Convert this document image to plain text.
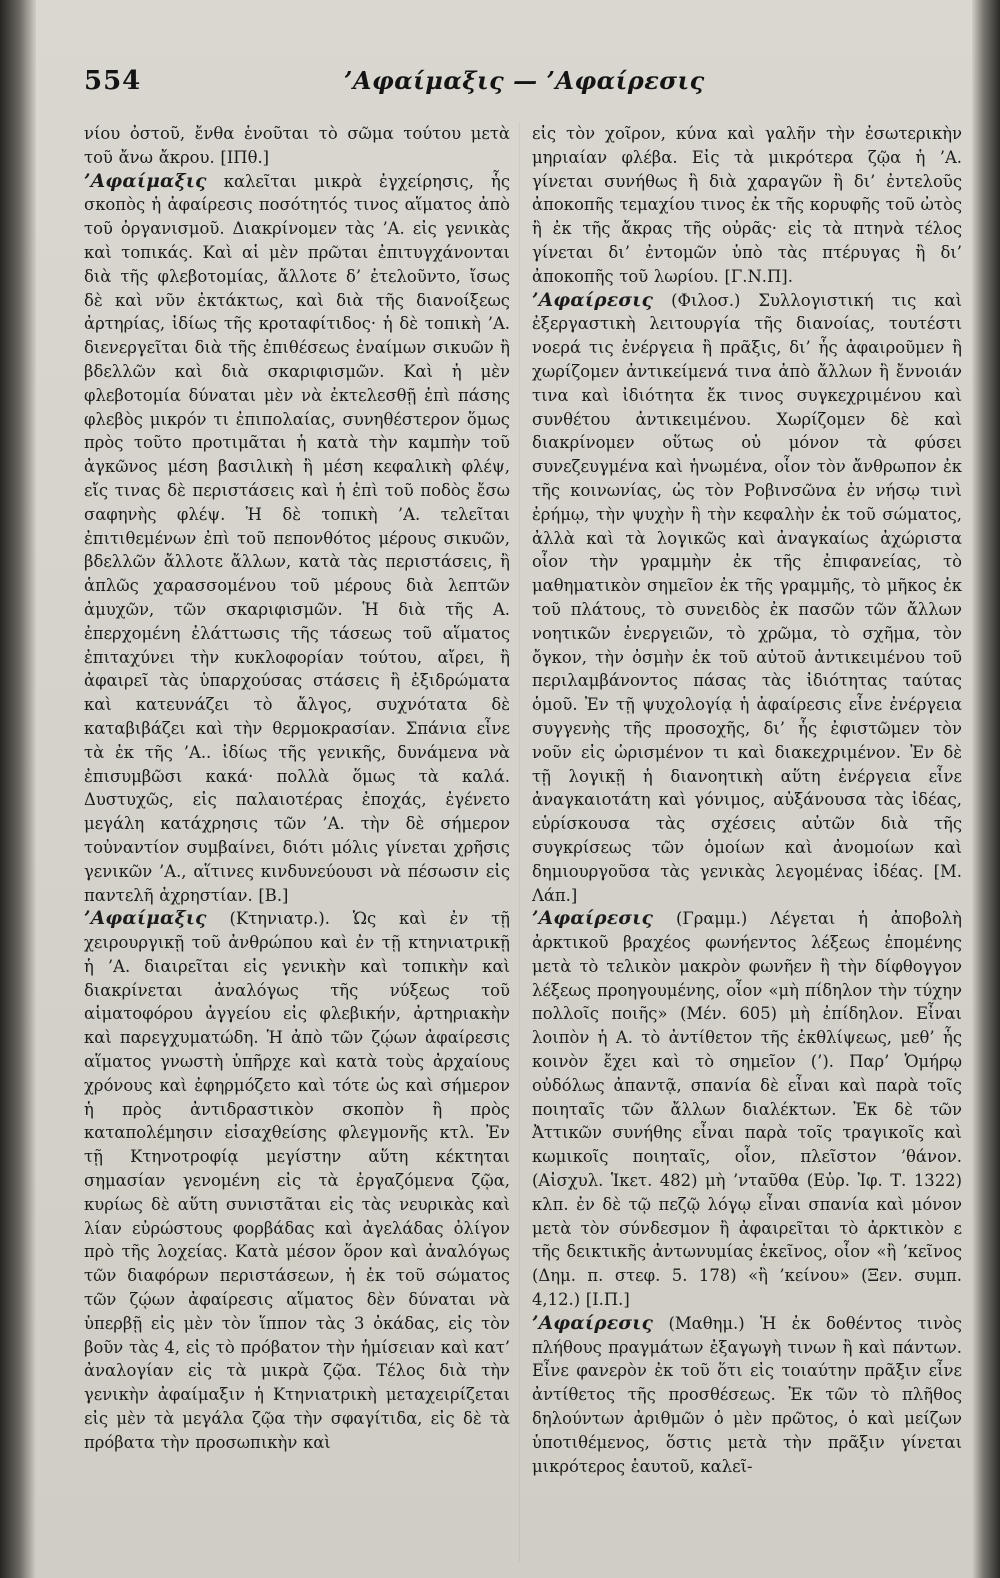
554	’Αφαίμαξις — ’Αφαίρεσις

νίου ὀστοῦ, ἔνθα ἑνοῦται τὸ σῶμα τούτου μετὰ τοῦ ἄνω ἄκρου. [ΙΠθ.]

’Αφαίμαξις καλεῖται μικρὰ ἐγχείρησις, ἧς σκοπὸς ἡ ἀφαίρεσις ποσότητός τινος αἵματος ἀπὸ τοῦ ὀργανισμοῦ. Διακρίνομεν τὰς ’Α. εἰς γενικὰς καὶ τοπικάς. Καὶ αἱ μὲν πρῶται ἐπιτυγχάνονται διὰ τῆς φλεβοτομίας, ἄλλοτε δ’ ἐτελοῦντο, ἴσως δὲ καὶ νῦν ἐκτάκτως, καὶ διὰ τῆς διανοίξεως ἀρτηρίας, ἰδίως τῆς κροταφίτιδος· ἡ δὲ τοπικὴ ’Α. διενεργεῖται διὰ τῆς ἐπιθέσεως ἐναίμων σικυῶν ἢ βδελλῶν καὶ διὰ σκαριφισμῶν. Καὶ ἡ μὲν φλεβοτομία δύναται μὲν νὰ ἐκτελεσθῇ ἐπὶ πάσης φλεβὸς μικρόν τι ἐπιπολαίας, συνηθέστερον ὅμως πρὸς τοῦτο προτιμᾶται ἡ κατὰ τὴν καμπὴν τοῦ ἀγκῶνος μέση βασιλικὴ ἢ μέση κεφαλικὴ φλέψ, εἴς τινας δὲ περιστάσεις καὶ ἡ ἐπὶ τοῦ ποδὸς ἔσω σαφηνὴς φλέψ. Ἡ δὲ τοπικὴ ’Α. τελεῖται ἐπιτιθεμένων ἐπὶ τοῦ πεπονθότος μέρους σικυῶν, βδελλῶν ἄλλοτε ἄλλων, κατὰ τὰς περιστάσεις, ἢ ἁπλῶς χαρασσομένου τοῦ μέρους διὰ λεπτῶν ἀμυχῶν, τῶν σκαριφισμῶν. Ἡ διὰ τῆς Α. ἐπερχομένη ἐλάττωσις τῆς τάσεως τοῦ αἵματος ἐπιταχύνει τὴν κυκλοφορίαν τούτου, αἴρει, ἢ ἀφαιρεῖ τὰς ὑπαρχούσας στάσεις ἢ ἐξιδρώματα καὶ κατευνάζει τὸ ἄλγος, συχνότατα δὲ καταβιβάζει καὶ τὴν θερμοκρασίαν. Σπάνια εἶνε τὰ ἐκ τῆς ’Α.. ἰδίως τῆς γενικῆς, δυνάμενα νὰ ἐπισυμβῶσι κακά· πολλὰ ὅμως τὰ καλά. Δυστυχῶς, εἰς παλαιοτέρας ἐποχάς, ἐγένετο μεγάλη κατάχρησις τῶν ’Α. τὴν δὲ σήμερον τοὐναντίον συμβαίνει, διότι μόλις γίνεται χρῆσις γενικῶν ’Α., αἵτινες κινδυνεύουσι νὰ πέσωσιν εἰς παντελῆ ἀχρηστίαν. [Β.]

’Αφαίμαξις (Κτηνιατρ.). Ὡς καὶ ἐν τῇ χειρουργικῇ τοῦ ἀνθρώπου καὶ ἐν τῇ κτηνιατρικῇ ἡ ’Α. διαιρεῖται εἰς γενικὴν καὶ τοπικὴν καὶ διακρίνεται ἀναλόγως τῆς νύξεως τοῦ αἱματοφόρου ἀγγείου εἰς φλεβικήν, ἀρτηριακὴν καὶ παρεγχυματώδη. Ἡ ἀπὸ τῶν ζῴων ἀφαίρεσις αἵματος γνωστὴ ὑπῆρχε καὶ κατὰ τοὺς ἀρχαίους χρόνους καὶ ἐφηρμόζετο καὶ τότε ὡς καὶ σήμερον ἡ πρὸς ἀντιδραστικὸν σκοπὸν ἢ πρὸς καταπολέμησιν εἰσαχθείσης φλεγμονῆς κτλ. Ἐν τῇ Κτηνοτροφίᾳ μεγίστην αὕτη κέκτηται σημασίαν γενομένη εἰς τὰ ἐργαζόμενα ζῷα, κυρίως δὲ αὕτη συνιστᾶται εἰς τὰς νευρικὰς καὶ λίαν εὐρώστους φορβάδας καὶ ἀγελάδας ὀλίγον πρὸ τῆς λοχείας. Κατὰ μέσον ὅρον καὶ ἀναλόγως τῶν διαφόρων περιστάσεων, ἡ ἐκ τοῦ σώματος τῶν ζῴων ἀφαίρεσις αἵματος δὲν δύναται νὰ ὑπερβῇ εἰς μὲν τὸν ἵππον τὰς 3 ὀκάδας, εἰς τὸν βοῦν τὰς 4, εἰς τὸ πρόβατον τὴν ἡμίσειαν καὶ κατ’ ἀναλογίαν εἰς τὰ μικρὰ ζῷα. Τέλος διὰ τὴν γενικὴν ἀφαίμαξιν ἡ Κτηνιατρικὴ μεταχειρίζεται εἰς μὲν τὰ μεγάλα ζῷα τὴν σφαγίτιδα, εἰς δὲ τὰ πρόβατα τὴν προσωπικὴν καὶ

εἰς τὸν χοῖρον, κύνα καὶ γαλῆν τὴν ἐσωτερικὴν μηριαίαν φλέβα. Εἰς τὰ μικρότερα ζῷα ἡ ’Α. γίνεται συνήθως ἢ διὰ χαραγῶν ἢ δι’ ἐντελοῦς ἀποκοπῆς τεμαχίου τινος ἐκ τῆς κορυφῆς τοῦ ὠτὸς ἢ ἐκ τῆς ἄκρας τῆς οὐρᾶς· εἰς τὰ πτηνὰ τέλος γίνεται δι’ ἐντομῶν ὑπὸ τὰς πτέρυγας ἢ δι’ ἀποκοπῆς τοῦ λωρίου. [Γ.Ν.Π].

’Αφαίρεσις (Φιλοσ.) Συλλογιστική τις καὶ ἐξεργαστικὴ λειτουργία τῆς διανοίας, τουτέστι νοερά τις ἐνέργεια ἢ πρᾶξις, δι’ ἧς ἀφαιροῦμεν ἢ χωρίζομεν ἀντικείμενά τινα ἀπὸ ἄλλων ἢ ἔννοιάν τινα καὶ ἰδιότητα ἔκ τινος συγκεχριμένου καὶ συνθέτου ἀντικειμένου. Χωρίζομεν δὲ καὶ διακρίνομεν οὕτως οὐ μόνον τὰ φύσει συνεζευγμένα καὶ ἡνωμένα, οἷον τὸν ἄνθρωπον ἐκ τῆς κοινωνίας, ὡς τὸν Ροβινσῶνα ἐν νήσῳ τινὶ ἐρήμῳ, τὴν ψυχὴν ἢ τὴν κεφαλὴν ἐκ τοῦ σώματος, ἀλλὰ καὶ τὰ λογικῶς καὶ ἀναγκαίως ἀχώριστα οἷον τὴν γραμμὴν ἐκ τῆς ἐπιφανείας, τὸ μαθηματικὸν σημεῖον ἐκ τῆς γραμμῆς, τὸ μῆκος ἐκ τοῦ πλάτους, τὸ συνειδὸς ἐκ πασῶν τῶν ἄλλων νοητικῶν ἐνεργειῶν, τὸ χρῶμα, τὸ σχῆμα, τὸν ὄγκον, τὴν ὀσμὴν ἐκ τοῦ αὐτοῦ ἀντικειμένου τοῦ περιλαμβάνοντος πάσας τὰς ἰδιότητας ταύτας ὁμοῦ. Ἐν τῇ ψυχολογίᾳ ἡ ἀφαίρεσις εἶνε ἐνέργεια συγγενὴς τῆς προσοχῆς, δι’ ἧς ἐφιστῶμεν τὸν νοῦν εἰς ὡρισμένον τι καὶ διακεχριμένον. Ἐν δὲ τῇ λογικῇ ἡ διανοητικὴ αὕτη ἐνέργεια εἶνε ἀναγκαιοτάτη καὶ γόνιμος, αὐξάνουσα τὰς ἰδέας, εὑρίσκουσα τὰς σχέσεις αὐτῶν διὰ τῆς συγκρίσεως τῶν ὁμοίων καὶ ἀνομοίων καὶ δημιουργοῦσα τὰς γενικὰς λεγομένας ἰδέας. [Μ. Λάπ.]

’Αφαίρεσις (Γραμμ.) Λέγεται ἡ ἀποβολὴ ἀρκτικοῦ βραχέος φωνήεντος λέξεως ἑπομένης μετὰ τὸ τελικὸν μακρὸν φωνῆεν ἢ τὴν δίφθογγον λέξεως προηγουμένης, οἷον «μὴ πίδηλον τὴν τύχην πολλοῖς ποιῆς» (Μέν. 605) μὴ ἐπίδηλον. Εἶναι λοιπὸν ἡ Α. τὸ ἀντίθετον τῆς ἐκθλίψεως, μεθ’ ἧς κοινὸν ἔχει καὶ τὸ σημεῖον (’). Παρ’ Ὁμήρῳ οὐδόλως ἀπαντᾷ, σπανία δὲ εἶναι καὶ παρὰ τοῖς ποιηταῖς τῶν ἄλλων διαλέκτων. Ἐκ δὲ τῶν Ἀττικῶν συνήθης εἶναι παρὰ τοῖς τραγικοῖς καὶ κωμικοῖς ποιηταῖς, οἷον, πλεῖστον ’θάνον. (Αἰσχυλ. Ἱκετ. 482) μὴ ’νταῦθα (Εὐρ. Ἰφ. Τ. 1322) κλπ. ἐν δὲ τῷ πεζῷ λόγῳ εἶναι σπανία καὶ μόνον μετὰ τὸν σύνδεσμον ἢ ἀφαιρεῖται τὸ ἀρκτικὸν ε τῆς δεικτικῆς ἀντωνυμίας ἐκεῖνος, οἷον «ἢ ’κεῖνος (Δημ. π. στεφ. 5. 178) «ἢ ’κείνου» (Ξεν. συμπ. 4,12.) [Ι.Π.]

’Αφαίρεσις (Μαθημ.) Ἡ ἐκ δοθέντος τινὸς πλήθους πραγμάτων ἐξαγωγὴ τινων ἢ καὶ πάντων. Εἶνε φανερὸν ἐκ τοῦ ὅτι εἰς τοιαύτην πρᾶξιν εἶνε ἀντίθετος τῆς προσθέσεως. Ἐκ τῶν τὸ πλῆθος δηλούντων ἀριθμῶν ὁ μὲν πρῶτος, ὁ καὶ μείζων ὑποτιθέμενος, ὅστις μετὰ τὴν πρᾶξιν γίνεται μικρότερος ἑαυτοῦ, καλεῖ-
